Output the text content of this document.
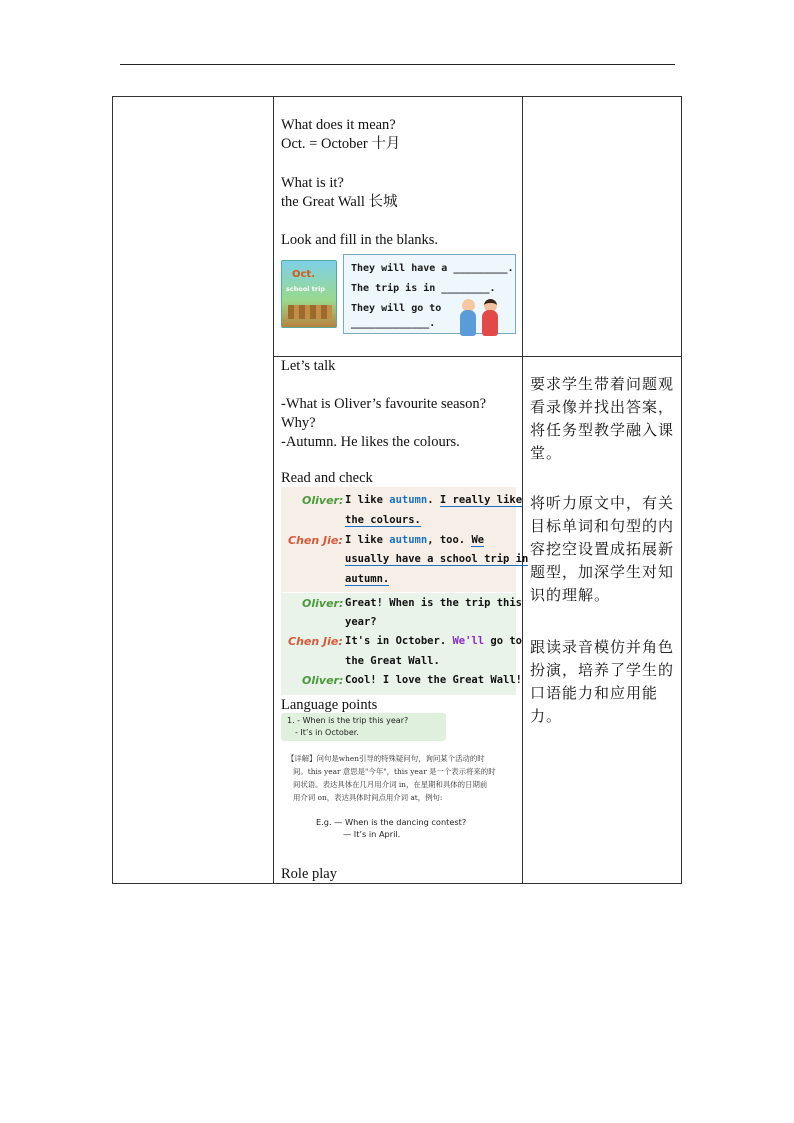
What does it mean?
Oct. = October 十月
What is it?
the Great Wall 长城
Look and fill in the blanks.
Oct.
school trip
They will have a _________.
The trip is in ________.
They will go to
_____________.
Let’s talk
-What is Oliver’s favourite season?
Why?
-Autumn. He likes the colours.
Read and check
Oliver: I like autumn. I really like
the colours.
Chen Jie: I like autumn, too. We
usually have a school trip in
autumn.
Oliver: Great! When is the trip this
year?
Chen Jie: It's in October. We'll go to
the Great Wall.
Oliver: Cool! I love the Great Wall!
Language points
1. - When is the trip this year?
- It’s in October.
【详解】问句是when引导的特殊疑问句，询问某个活动的时
间。this year 意思是"今年"，this year 是一个表示将来的时
间状语。表达具体在几月用介词 in，在星期和具体的日期前
用介词 on，表达具体时间点用介词 at，例句:
E.g. — When is the dancing contest?
— It’s in April.
Role play
要求学生带着问题观
看录像并找出答案，
将任务型教学融入课
堂。
将听力原文中，有关
目标单词和句型的内
容挖空设置成拓展新
题型，加深学生对知
识的理解。
跟读录音模仿并角色
扮演，培养了学生的
口语能力和应用能
力。
